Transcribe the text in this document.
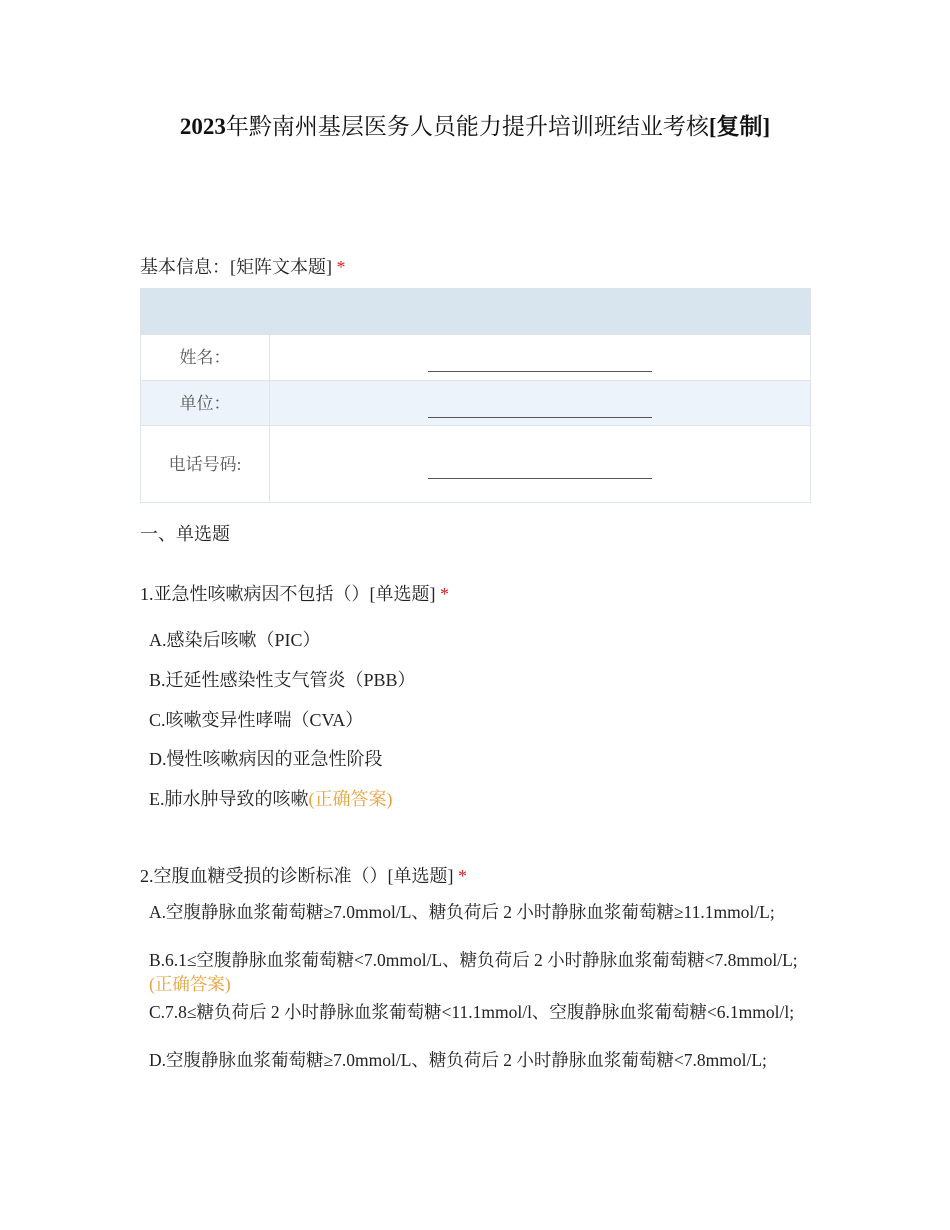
2023年黔南州基层医务人员能力提升培训班结业考核[复制]
基本信息：[矩阵文本题] *

姓名：	
单位：	
电话号码:	
一、单选题
1.亚急性咳嗽病因不包括（）[单选题] *
A.感染后咳嗽（PIC）
B.迁延性感染性支气管炎（PBB）
C.咳嗽变异性哮喘（CVA）
D.慢性咳嗽病因的亚急性阶段
E.肺水肿导致的咳嗽(正确答案)
2.空腹血糖受损的诊断标准（）[单选题] *
A.空腹静脉血浆葡萄糖≥7.0mmol/L、糖负荷后 2 小时静脉血浆葡萄糖≥11.1mmol/L;
B.6.1≤空腹静脉血浆葡萄糖<7.0mmol/L、糖负荷后 2 小时静脉血浆葡萄糖<7.8mmol/L;(正确答案)
C.7.8≤糖负荷后 2 小时静脉血浆葡萄糖<11.1mmol/l、空腹静脉血浆葡萄糖<6.1mmol/l;
D.空腹静脉血浆葡萄糖≥7.0mmol/L、糖负荷后 2 小时静脉血浆葡萄糖<7.8mmol/L;
